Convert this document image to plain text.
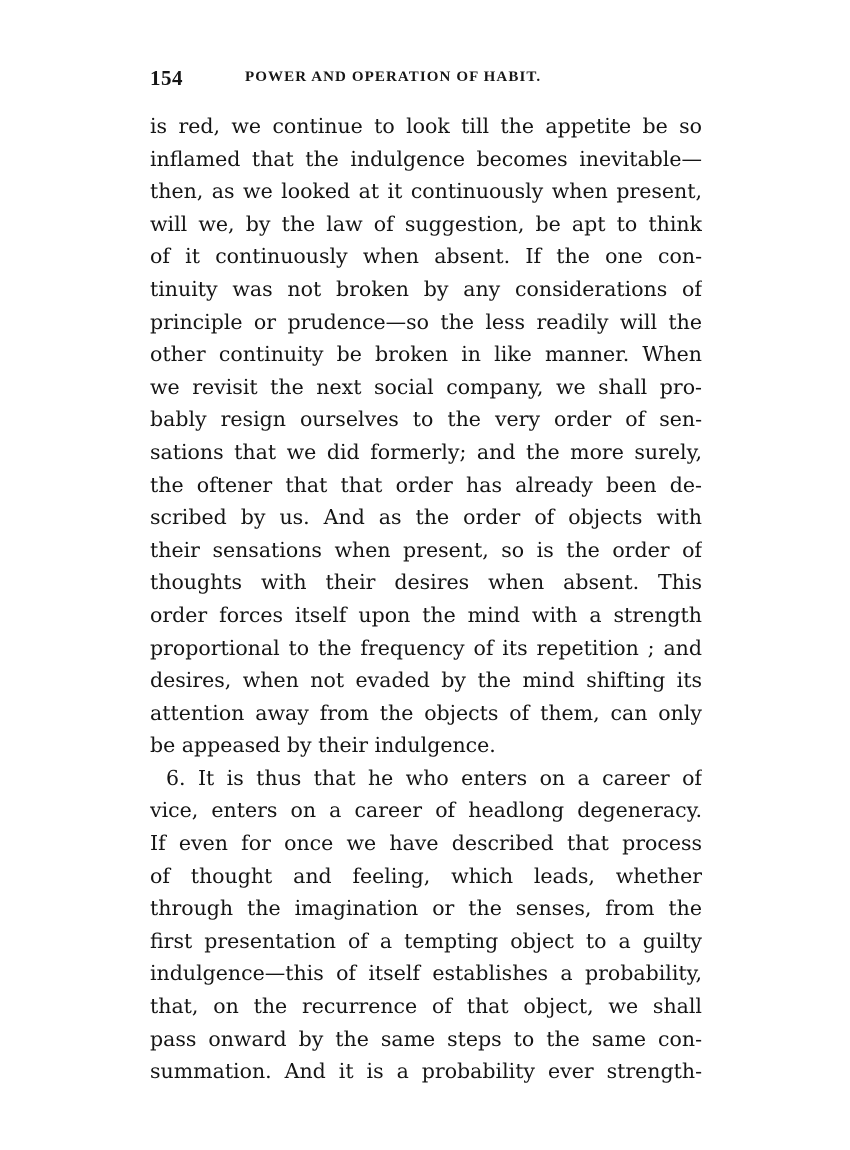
154	POWER AND OPERATION OF HABIT.
is red, we continue to look till the appetite be so
inflamed that the indulgence becomes inevitable—
then, as we looked at it continuously when present,
will we, by the law of suggestion, be apt to think
of it continuously when absent. If the one con-
tinuity was not broken by any considerations of
principle or prudence—so the less readily will the
other continuity be broken in like manner. When
we revisit the next social company, we shall pro-
bably resign ourselves to the very order of sen-
sations that we did formerly; and the more surely,
the oftener that that order has already been de-
scribed by us. And as the order of objects with
their sensations when present, so is the order of
thoughts with their desires when absent. This
order forces itself upon the mind with a strength
proportional to the frequency of its repetition ; and
desires, when not evaded by the mind shifting its
attention away from the objects of them, can only
be appeased by their indulgence.
6. It is thus that he who enters on a career of
vice, enters on a career of headlong degeneracy.
If even for once we have described that process
of thought and feeling, which leads, whether
through the imagination or the senses, from the
first presentation of a tempting object to a guilty
indulgence—this of itself establishes a probability,
that, on the recurrence of that object, we shall
pass onward by the same steps to the same con-
summation. And it is a probability ever strength-
